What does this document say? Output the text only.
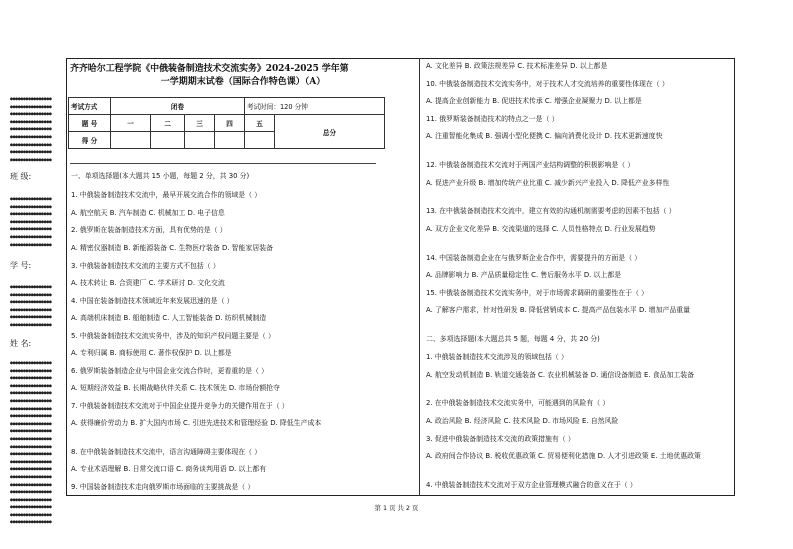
●●●●●●●●●●●●●●●●
●●●●●●●●●●●●●●●●
●●●●●●●●●●●●●●●●
●●●●●●●●●●●●●●●●
●●●●●●●●●●●●●●●●
●●●●●●●●●●●●●●●●
●●●●●●●●●●●●●●●●
●●●●●●●●●●●●●●●●
●●●●●●●●●●●●●●●●
班 级:
●●●●●●●●●●●●●●●●
●●●●●●●●●●●●●●●●
●●●●●●●●●●●●●●●●
●●●●●●●●●●●●●●●●
●●●●●●●●●●●●●●●●
●●●●●●●●●●●●●●●●
●●●●●●●●●●●●●●●●
学 号:
●●●●●●●●●●●●●●●●
●●●●●●●●●●●●●●●●
●●●●●●●●●●●●●●●●
●●●●●●●●●●●●●●●●
●●●●●●●●●●●●●●●●
●●●●●●●●●●●●●●●●
姓 名:
●●●●●●●●●●●●●●●●
●●●●●●●●●●●●●●●●
●●●●●●●●●●●●●●●●
●●●●●●●●●●●●●●●●
●●●●●●●●●●●●●●●●
●●●●●●●●●●●●●●●●
●●●●●●●●●●●●●●●●
●●●●●●●●●●●●●●●●
●●●●●●●●●●●●●●●●
●●●●●●●●●●●●●●●●
●●●●●●●●●●●●●●●●
●●●●●●●●●●●●●●●●
●●●●●●●●●●●●●●●●
●●●●●●●●●●●●●●●●
●●●●●●●●●●●●●●●●
●●●●●●●●●●●●●●●●
●●●●●●●●●●●●●●●●
●●●●●●●●●●●●●●●●
●●●●●●●●●●●●●●●●
●●●●●●●●●●●●●●●●
●●●●●●●●●●●●●●●●
●●●●●●●●●●●●●●●●
齐齐哈尔工程学院《中俄装备制造技术交流实务》2024-2025 学年第
一学期期末试卷（国际合作特色课）（A）
考试方式	闭卷				考试时间：120 分钟	
题 号	一	二	三	四	五	总分
得 分						
一、单项选择题(本大题共 15 小题，每题 2 分，共 30 分)
1. 中俄装备制造技术交流中，最早开展交流合作的领域是（ ）
A. 航空航天 B. 汽车制造 C. 机械加工 D. 电子信息
2. 俄罗斯在装备制造技术方面，具有优势的是（ ）
A. 精密仪器制造 B. 新能源装备 C. 生物医疗装备 D. 智能家居装备
3. 中俄装备制造技术交流的主要方式不包括（ ）
A. 技术转让 B. 合资建厂 C. 学术研讨 D. 文化交流
4. 中国在装备制造技术领域近年来发展迅速的是（ ）
A. 高端机床制造 B. 船舶制造 C. 人工智能装备 D. 纺织机械制造
5. 中俄装备制造技术交流实务中，涉及的知识产权问题主要是（ ）
A. 专利归属 B. 商标使用 C. 著作权保护 D. 以上都是
6. 俄罗斯装备制造企业与中国企业交流合作时，更看重的是（ ）
A. 短期经济效益 B. 长期战略伙伴关系 C. 技术领先 D. 市场份额抢夺
7. 中俄装备制造技术交流对于中国企业提升竞争力的关键作用在于（ ）
A. 获得廉价劳动力 B. 扩大国内市场 C. 引进先进技术和管理经验 D. 降低生产成本
8. 在中俄装备制造技术交流中，语言沟通障碍主要体现在（ ）
A. 专业术语理解 B. 日常交流口语 C. 商务谈判用语 D. 以上都有
9. 中国装备制造技术走向俄罗斯市场面临的主要挑战是（ ）
A. 文化差异 B. 政策法规差异 C. 技术标准差异 D. 以上都是
10. 中俄装备制造技术交流实务中，对于技术人才交流培养的重要性体现在（ ）
A. 提高企业创新能力 B. 促进技术传承 C. 增强企业凝聚力 D. 以上都是
11. 俄罗斯装备制造技术的特点之一是（ ）
A. 注重智能化集成 B. 强调小型化便携 C. 偏向消费化设计 D. 技术更新速度快
12. 中俄装备制造技术交流对于两国产业结构调整的积极影响是（ ）
A. 促进产业升级 B. 增加传统产业比重 C. 减少新兴产业投入 D. 降低产业多样性
13. 在中俄装备制造技术交流中，建立有效的沟通机制需要考虑的因素不包括（ ）
A. 双方企业文化差异 B. 交流渠道的选择 C. 人员性格特点 D. 行业发展趋势
14. 中国装备制造企业在与俄罗斯企业合作中，需要提升的方面是（ ）
A. 品牌影响力 B. 产品质量稳定性 C. 售后服务水平 D. 以上都是
15. 中俄装备制造技术交流实务中，对于市场需求调研的重要性在于（ ）
A. 了解客户需求，针对性研发 B. 降低营销成本 C. 提高产品包装水平 D. 增加产品重量
二、多项选择题(本大题总共 5 题，每题 4 分，共 20 分)
1. 中俄装备制造技术交流涉及的领域包括（ ）
A. 航空发动机制造 B. 轨道交通装备 C. 农业机械装备 D. 通信设备制造 E. 食品加工装备
2. 在中俄装备制造技术交流实务中，可能遇到的风险有（ ）
A. 政治风险 B. 经济风险 C. 技术风险 D. 市场风险 E. 自然风险
3. 促进中俄装备制造技术交流的政策措施有（ ）
A. 政府间合作协议 B. 税收优惠政策 C. 贸易便利化措施 D. 人才引进政策 E. 土地优惠政策
4. 中俄装备制造技术交流对于双方企业管理模式融合的意义在于（ ）
第 1 页 共 2 页
